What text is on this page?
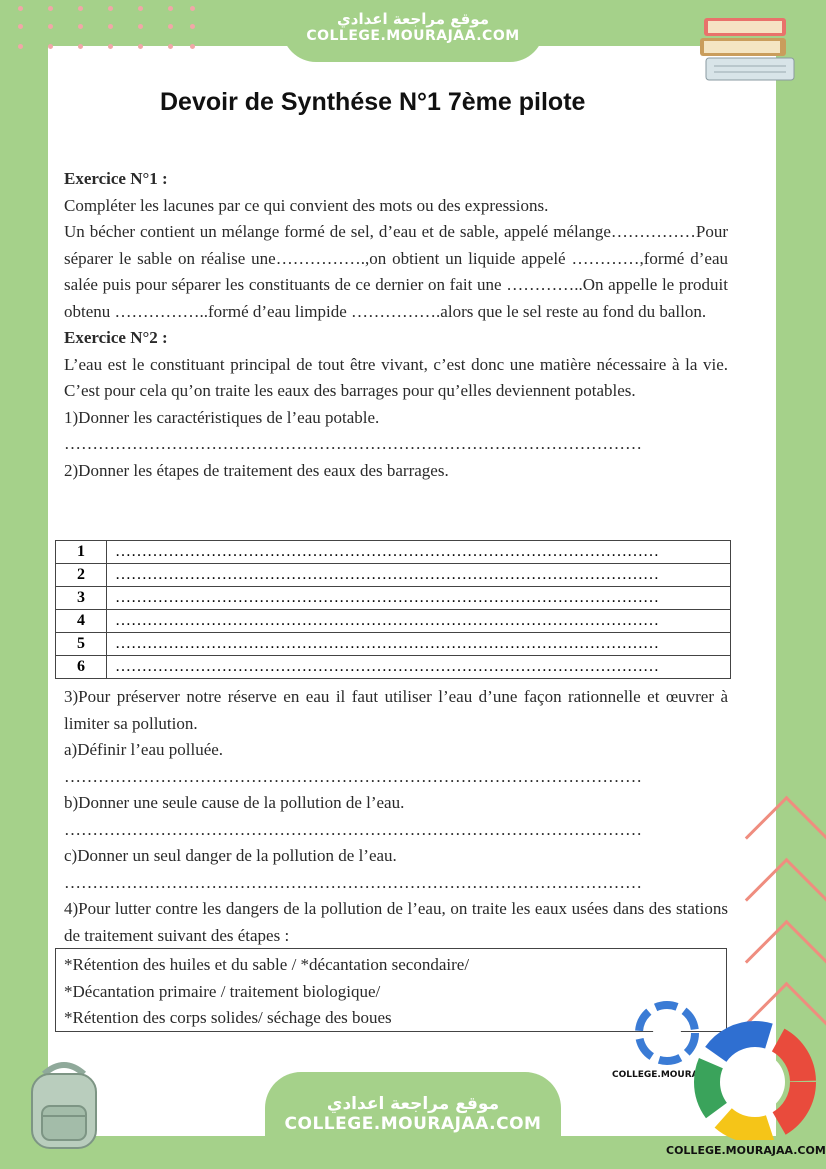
موقع مراجعة اعدادي
COLLEGE.MOURAJAA.COM
Devoir de Synthése N°1 7ème pilote

Exercice N°1 :

Compléter les lacunes par ce qui convient des mots ou des expressions.

Un bécher contient un mélange formé de sel, d’eau et de sable, appelé mélange……………Pour séparer le sable on réalise une…………….,on obtient un liquide appelé …………,formé d’eau salée puis pour séparer les constituants de ce dernier on fait une …………..On appelle le produit obtenu ……………..formé d’eau limpide …………….alors que le sel reste au fond du ballon.

Exercice N°2 :

L’eau est le constituant principal de tout être vivant, c’est donc une matière nécessaire à la vie. C’est pour cela qu’on traite les eaux des barrages pour qu’elles deviennent potables.

1)Donner les caractéristiques de l’eau potable.

…………………………………………………………………………………………

2)Donner les étapes de traitement des eaux des barrages.

1	…………………………………………………………………………………………
2	…………………………………………………………………………………………
3	…………………………………………………………………………………………
4	…………………………………………………………………………………………
5	…………………………………………………………………………………………
6	…………………………………………………………………………………………

3)Pour préserver notre réserve en eau il faut utiliser l’eau d’une façon rationnelle et œuvrer à limiter sa pollution.

a)Définir l’eau polluée.

…………………………………………………………………………………………

b)Donner une seule cause de la pollution de l’eau.

…………………………………………………………………………………………

c)Donner un seul danger de la pollution de l’eau.

…………………………………………………………………………………………

4)Pour lutter contre les dangers de la pollution de l’eau, on traite les eaux usées dans des stations de traitement suivant des étapes :

*Rétention des huiles et du sable / *décantation secondaire/
*Décantation primaire / traitement biologique/
*Rétention des corps solides/ séchage des boues
COLLEGE.MOURAJ
COLLEGE.MOURAJAA.COM
موقع مراجعة اعدادي
COLLEGE.MOURAJAA.COM
